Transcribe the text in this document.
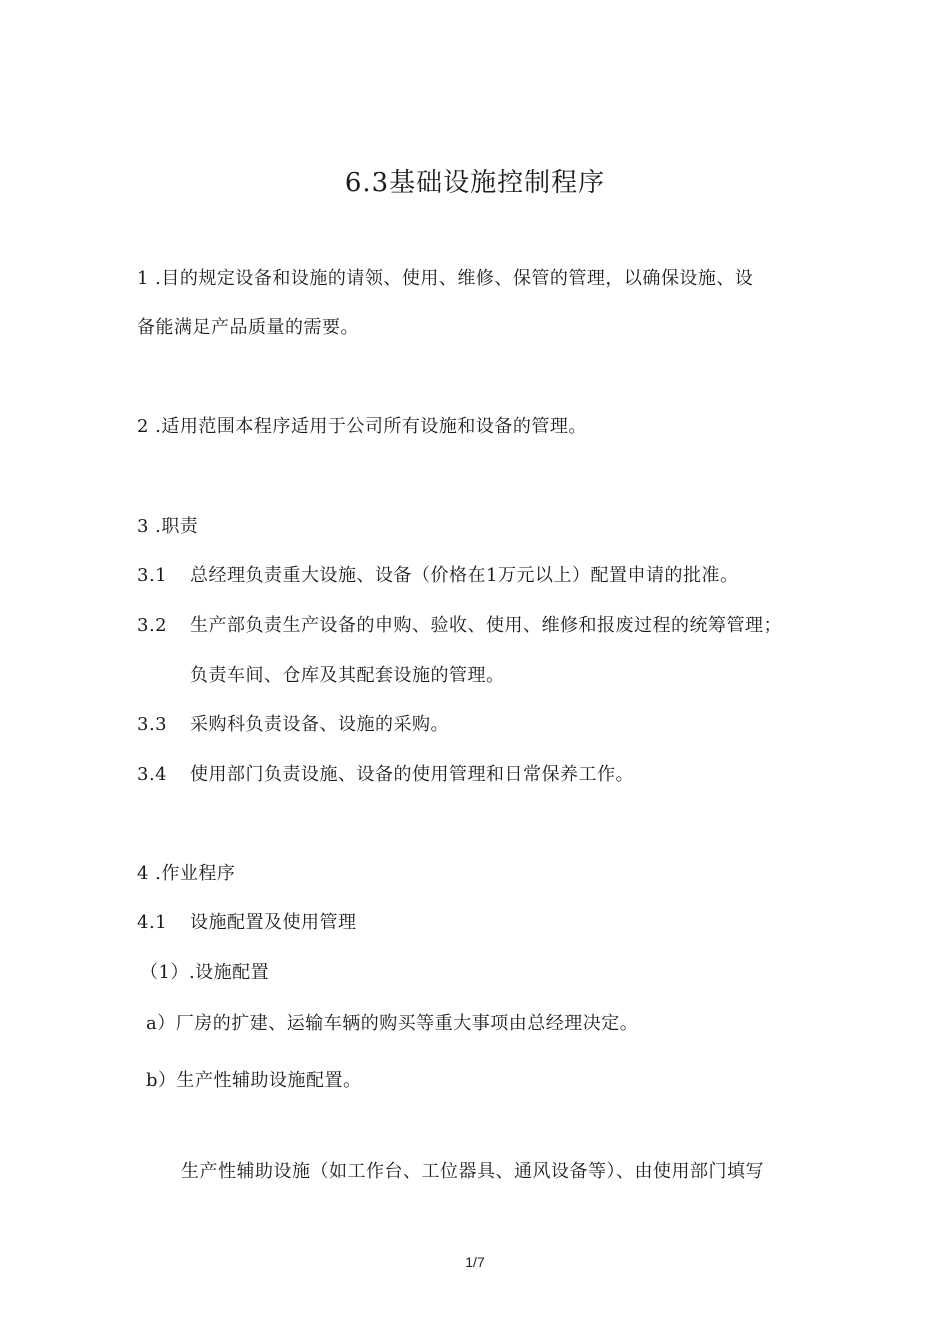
6.3基础设施控制程序
1 .目的规定设备和设施的请领、使用、维修、保管的管理，以确保设施、设
备能满足产品质量的需要。
2 .适用范围本程序适用于公司所有设施和设备的管理。
3 .职责
3.1 总经理负责重大设施、设备（价格在1万元以上）配置申请的批准。
3.2 生产部负责生产设备的申购、验收、使用、维修和报废过程的统筹管理；
负责车间、仓库及其配套设施的管理。
3.3 采购科负责设备、设施的采购。
3.4 使用部门负责设施、设备的使用管理和日常保养工作。
4 .作业程序
4.1 设施配置及使用管理
（1）.设施配置
a）厂房的扩建、运输车辆的购买等重大事项由总经理决定。
b）生产性辅助设施配置。
生产性辅助设施（如工作台、工位器具、通风设备等）、由使用部门填写
1/7
